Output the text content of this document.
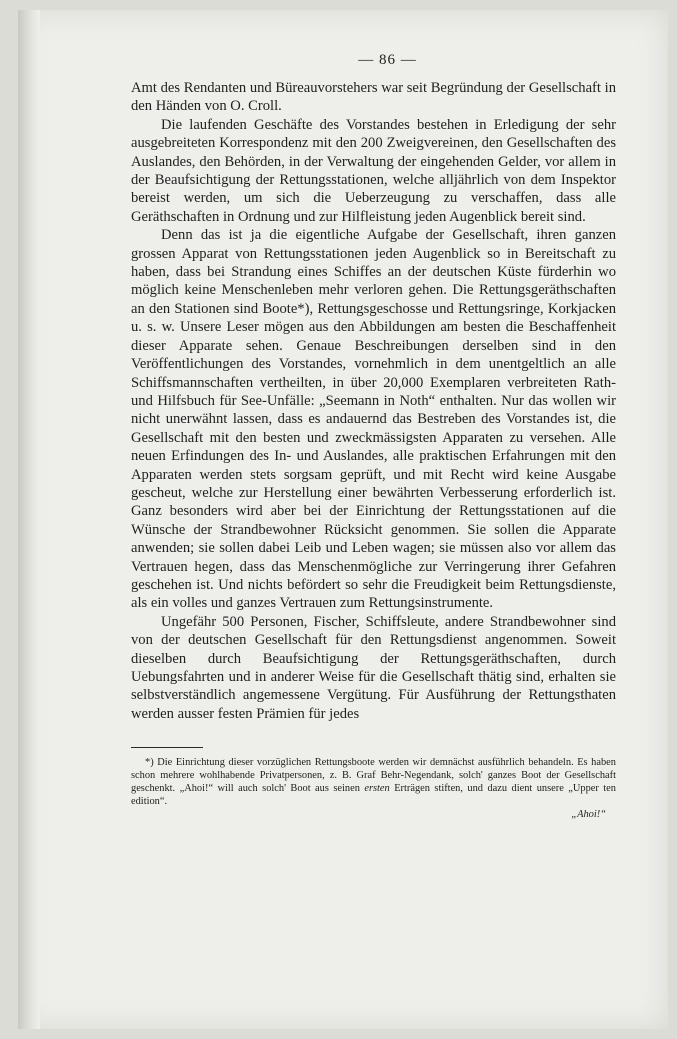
— 86 —

Amt des Rendanten und Büreauvorstehers war seit Begründung der Gesellschaft in den Händen von O. Croll.

Die laufenden Geschäfte des Vorstandes bestehen in Erledigung der sehr ausgebreiteten Korrespondenz mit den 200 Zweigvereinen, den Gesellschaften des Auslandes, den Behörden, in der Verwaltung der eingehenden Gelder, vor allem in der Beaufsichtigung der Rettungsstationen, welche alljährlich von dem Inspektor bereist werden, um sich die Ueberzeugung zu verschaffen, dass alle Geräthschaften in Ordnung und zur Hilfleistung jeden Augenblick bereit sind.

Denn das ist ja die eigentliche Aufgabe der Gesellschaft, ihren ganzen grossen Apparat von Rettungsstationen jeden Augenblick so in Bereitschaft zu haben, dass bei Strandung eines Schiffes an der deutschen Küste fürderhin wo möglich keine Menschenleben mehr verloren gehen. Die Rettungsgeräthschaften an den Stationen sind Boote*), Rettungsgeschosse und Rettungsringe, Korkjacken u. s. w. Unsere Leser mögen aus den Abbildungen am besten die Beschaffenheit dieser Apparate sehen. Genaue Beschreibungen derselben sind in den Veröffentlichungen des Vorstandes, vornehmlich in dem unentgeltlich an alle Schiffsmannschaften vertheilten, in über 20,000 Exemplaren verbreiteten Rath- und Hilfsbuch für See-Unfälle: „Seemann in Noth“ enthalten. Nur das wollen wir nicht unerwähnt lassen, dass es andauernd das Bestreben des Vorstandes ist, die Gesellschaft mit den besten und zweckmässigsten Apparaten zu versehen. Alle neuen Erfindungen des In- und Auslandes, alle praktischen Erfahrungen mit den Apparaten werden stets sorgsam geprüft, und mit Recht wird keine Ausgabe gescheut, welche zur Herstellung einer bewährten Verbesserung erforderlich ist. Ganz besonders wird aber bei der Einrichtung der Rettungsstationen auf die Wünsche der Strandbewohner Rücksicht genommen. Sie sollen die Apparate anwenden; sie sollen dabei Leib und Leben wagen; sie müssen also vor allem das Vertrauen hegen, dass das Menschenmögliche zur Verringerung ihrer Gefahren geschehen ist. Und nichts befördert so sehr die Freudigkeit beim Rettungsdienste, als ein volles und ganzes Vertrauen zum Rettungsinstrumente.

Ungefähr 500 Personen, Fischer, Schiffsleute, andere Strandbewohner sind von der deutschen Gesellschaft für den Rettungsdienst angenommen. Soweit dieselben durch Beaufsichtigung der Rettungsgeräthschaften, durch Uebungsfahrten und in anderer Weise für die Gesellschaft thätig sind, erhalten sie selbstverständlich angemessene Vergütung. Für Ausführung der Rettungsthaten werden ausser festen Prämien für jedes

*) Die Einrichtung dieser vorzüglichen Rettungsboote werden wir demnächst ausführlich behandeln. Es haben schon mehrere wohlhabende Privatpersonen, z. B. Graf Behr-Negendank, solch' ganzes Boot der Gesellschaft geschenkt. „Ahoi!“ will auch solch' Boot aus seinen ersten Erträgen stiften, und dazu dient unsere „Upper ten edition“.

„Ahoi!“
